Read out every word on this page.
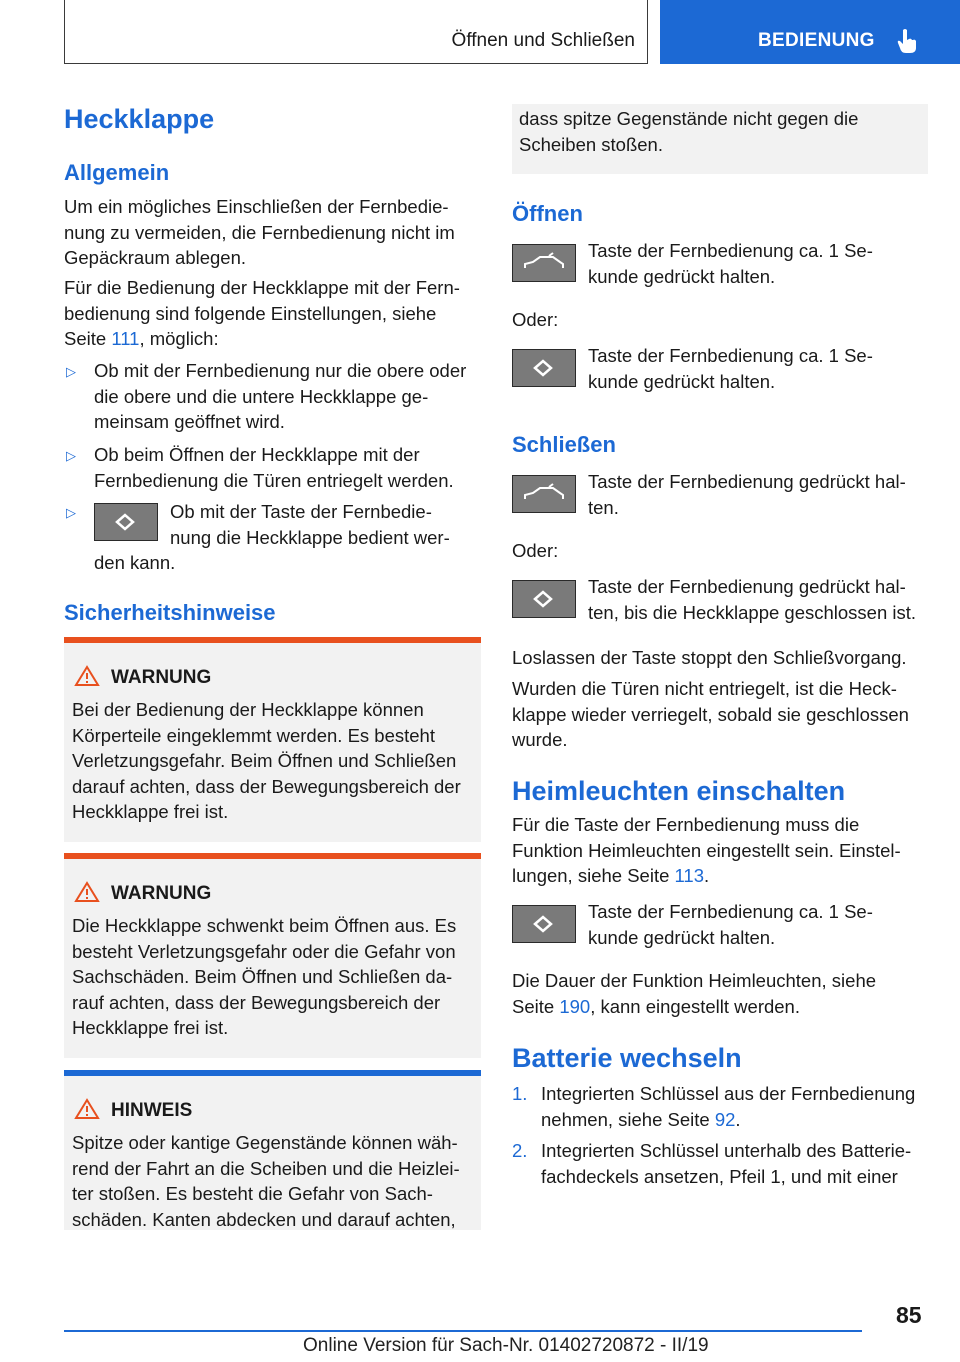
Öffnen und Schließen	BEDIENUNG
Heckklappe
Allgemein
Um ein mögliches Einschließen der Fernbedie-
nung zu vermeiden, die Fernbedienung nicht im
Gepäckraum ablegen.
Für die Bedienung der Heckklappe mit der Fern-
bedienung sind folgende Einstellungen, siehe
Seite 111, möglich:
▷ Ob mit der Fernbedienung nur die obere oder
die obere und die untere Heckklappe ge-
meinsam geöffnet wird.
▷ Ob beim Öffnen der Heckklappe mit der
Fernbedienung die Türen entriegelt werden.
▷	Ob mit der Taste der Fernbedie-
nung die Heckklappe bedient wer-
den kann.
Sicherheitshinweise
WARNUNG
Bei der Bedienung der Heckklappe können
Körperteile eingeklemmt werden. Es besteht
Verletzungsgefahr. Beim Öffnen und Schließen
darauf achten, dass der Bewegungsbereich der
Heckklappe frei ist.
WARNUNG
Die Heckklappe schwenkt beim Öffnen aus. Es
besteht Verletzungsgefahr oder die Gefahr von
Sachschäden. Beim Öffnen und Schließen da-
rauf achten, dass der Bewegungsbereich der
Heckklappe frei ist.
HINWEIS
Spitze oder kantige Gegenstände können wäh-
rend der Fahrt an die Scheiben und die Heizlei-
ter stoßen. Es besteht die Gefahr von Sach-
schäden. Kanten abdecken und darauf achten,
dass spitze Gegenstände nicht gegen die
Scheiben stoßen.
Öffnen
Taste der Fernbedienung ca. 1 Se-
kunde gedrückt halten.
Oder:
Taste der Fernbedienung ca. 1 Se-
kunde gedrückt halten.
Schließen
Taste der Fernbedienung gedrückt hal-
ten.
Oder:
Taste der Fernbedienung gedrückt hal-
ten, bis die Heckklappe geschlossen ist.
Loslassen der Taste stoppt den Schließvorgang.
Wurden die Türen nicht entriegelt, ist die Heck-
klappe wieder verriegelt, sobald sie geschlossen
wurde.
Heimleuchten einschalten
Für die Taste der Fernbedienung muss die
Funktion Heimleuchten eingestellt sein. Einstel-
lungen, siehe Seite 113.
Taste der Fernbedienung ca. 1 Se-
kunde gedrückt halten.
Die Dauer der Funktion Heimleuchten, siehe
Seite 190, kann eingestellt werden.
Batterie wechseln
1. Integrierten Schlüssel aus der Fernbedienung
nehmen, siehe Seite 92.
2. Integrierten Schlüssel unterhalb des Batterie-
fachdeckels ansetzen, Pfeil 1, und mit einer
85
Online Version für Sach-Nr. 01402720872 - II/19
